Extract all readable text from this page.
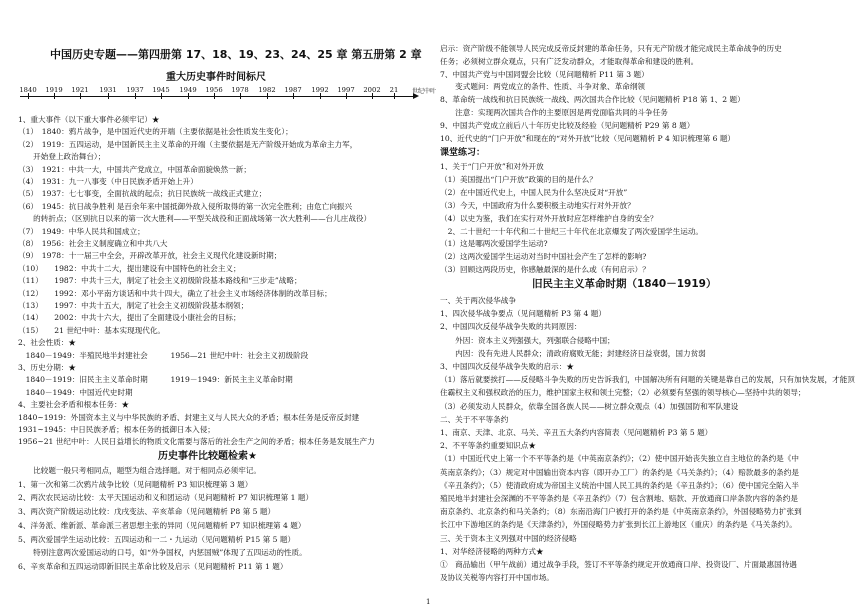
中国历史专题——第四册第 17、18、19、23、24、25 章 第五册第 2 章
重大历史事件时间标尺
1840 1919 1921 1931 1937 1945 1949 1956 1978 1982 1987 1992 1997 2002 21 世纪中叶
1、重大事件（以下重大事件必须牢记）★
（1）　1840：鸦片战争，是中国近代史的开端（主要依据是社会性质发生变化）；
（2）　1919：五四运动，是中国新民主主义革命的开端（主要依据是无产阶级开始成为革命主力军，
　　开始登上政治舞台）；
（3）　1921：中共一大，中国共产党成立，中国革命面貌焕然一新；
（4）　1931：九一八事变（中日民族矛盾开始上升）
（5）　1937：七七事变，全面抗战的起点；抗日民族统一战线正式建立；
（6）　1945：抗日战争胜利 是百余年来中国抵御外敌入侵所取得的第一次完全胜利；由危亡向振兴
　　的转折点；（区别抗日以来的第一次大胜利——平型关战役和正面战场第一次大胜利——台儿庄战役）
（7）　1949：中华人民共和国成立；
（8）　1956：社会主义制度确立和中共八大
（9）　1978：十一届三中全会，开辟改革开放，社会主义现代化建设新时期；
（10）　　1982：中共十二大，提出建设有中国特色的社会主义；
（11）　　1987：中共十三大，制定了社会主义初级阶段基本路线和“三步走”战略；
（12）　　1992：邓小平南方谈话和中共十四大，确立了社会主义市场经济体制的改革目标；
（13）　　1997：中共十五大，制定了社会主义初级阶段基本纲领；
（14）　　2002：中共十六大，提出了全面建设小康社会的目标；
（15）　　21 世纪中叶：基本实现现代化。
2、社会性质：★
　1840－1949：半殖民地半封建社会　　　1956—21 世纪中叶：社会主义初级阶段
3、历史分期：★
　1840－1919：旧民主主义革命时期　　　1919－1949：新民主主义革命时期
　1840－1949：中国近代史时期
4、主要社会矛盾和根本任务：★
1840~1919：外国资本主义与中华民族的矛盾、封建主义与人民大众的矛盾；根本任务是反帝反封建
1931~1945：中日民族矛盾；根本任务的抵御日本入侵；
1956~21 世纪中叶：人民日益增长的物质文化需要与落后的社会生产之间的矛盾；根本任务是发展生产力
历史事件比较题检索★
　　比较题一般只考相同点，题型为组合选择题。对于相同点必须牢记。
1、第一次和第二次鸦片战争比较（见问题精析 P3 知识梳理第 3 题）
2、两次农民运动比较：太平天国运动和义和团运动（见问题精析 P7 知识梳理第 1 题）
3、两次资产阶级运动比较：戊戌变法、辛亥革命（见问题精析 P8 第 5 题）
4、洋务派、维新派、革命派三者思想主张的异同（见问题精析 P7 知识梳理第 4 题）
5、两次爱国学生运动比较：五四运动和一二・九运动（见问题精析 P15 第 5 题）
　　特别注意两次爱国运动的口号，如“外争国权，内惩国贼”体现了五四运动的性质。
6、辛亥革命和五四运动即新旧民主革命比较及启示（见问题精析 P11 第 1 题）
启示：资产阶级不能领导人民完成反帝反封建的革命任务，只有无产阶级才能完成民主革命战争的历史
任务；必须树立群众观点，只有广泛发动群众，才能取得革命和建设的胜利。
7、中国共产党与中国同盟会比较（见问题精析 P11 第 3 题）
　　变式题问：两党成立的条件、性质、斗争对象、革命纲领
8、革命统一战线和抗日民族统一战线、两次国共合作比较（见问题精析 P18 第 1、2 题）
　　注意：实现两次国共合作的主要原因是两党面临共同的斗争任务
9、中国共产党成立前后八十年历史比较及经验（见问题精析 P29 第 8 题）
10、近代史的“门户开放”和现在的“对外开放”比较（见问题精析 P 4 知识梳理第 6 题）
课堂练习：
1、关于“门户开放”和对外开放
（1）美国提出“门户开放”政策的目的是什么？
（2）在中国近代史上，中国人民为什么坚决反对“开放”
（3）今天，中国政府为什么要积极主动地实行对外开放？
（4）以史为鉴，我们在实行对外开放时应怎样维护自身的安全？
　2、二十世纪一十年代和二十世纪三十年代在北京爆发了两次爱国学生运动。
（1）这是哪两次爱国学生运动?
（2）这两次爱国学生运动对当时中国社会产生了怎样的影响?
（3）回顾这两段历史，你感触最深的是什么或（有何启示）？
旧民主主义革命时期（1840－1919）
一、关于两次侵华战争
1、四次侵华战争要点（见问题精析 P3 第 4 题）
2、中国四次反侵华战争失败的共同原因：
　　外因：资本主义列强强大，列强联合侵略中国；
　　内因：没有先进人民群众；清政府腐败无能；封建经济日益衰弱，国力贫弱
3、中国四次反侵华战争失败的启示：★
（1）落后就要挨打——反侵略斗争失败的历史告诉我们，中国解决所有问题的关键是靠自己的发展，只有加快发展，才能顶
住霸权主义和强权政治的压力，维护国家主权和领土完整；（2）必须要有坚强的领导核心—坚持中共的领导；
（3）必须发动人民群众，依靠全国各族人民——树立群众观点（4）加强国防和军队建设
二、关于不平等条约
1、南京、天津、北京、马关、辛丑五大条约内容简表（见问题精析 P3 第 5 题）
2、不平等条约重要知识点★
（1）中国近代史上第一个不平等条约是《中英南京条约》；（2）使中国开始丧失独立自主地位的条约是《中
英南京条约》；（3）规定对中国输出资本内容（即开办工厂）的条约是《马关条约》；（4）赔款最多的条约是
《辛丑条约》；（5）使清政府成为帝国主义统治中国人民工具的条约是《辛丑条约》；（6）使中国完全陷入半
殖民地半封建社会深渊的不平等条约是《辛丑条约》（7）包含割地、赔款、开放通商口岸条款内容的条约是
南京条约、北京条约和马关条约；（8）东南沿海门户被打开的条约是《中英南京条约》，外国侵略势力扩张到
长江中下游地区的条约是《天津条约》，外国侵略势力扩张到长江上游地区（重庆）的条约是《马关条约》。
三、关于资本主义列强对中国的经济侵略
1、对华经济侵略的两种方式★
①　商品输出（甲午战前）通过战争手段，签订不平等条约规定开放通商口岸、投资设厂、片面最惠国待遇
及协议关税等内容打开中国市场。
1
